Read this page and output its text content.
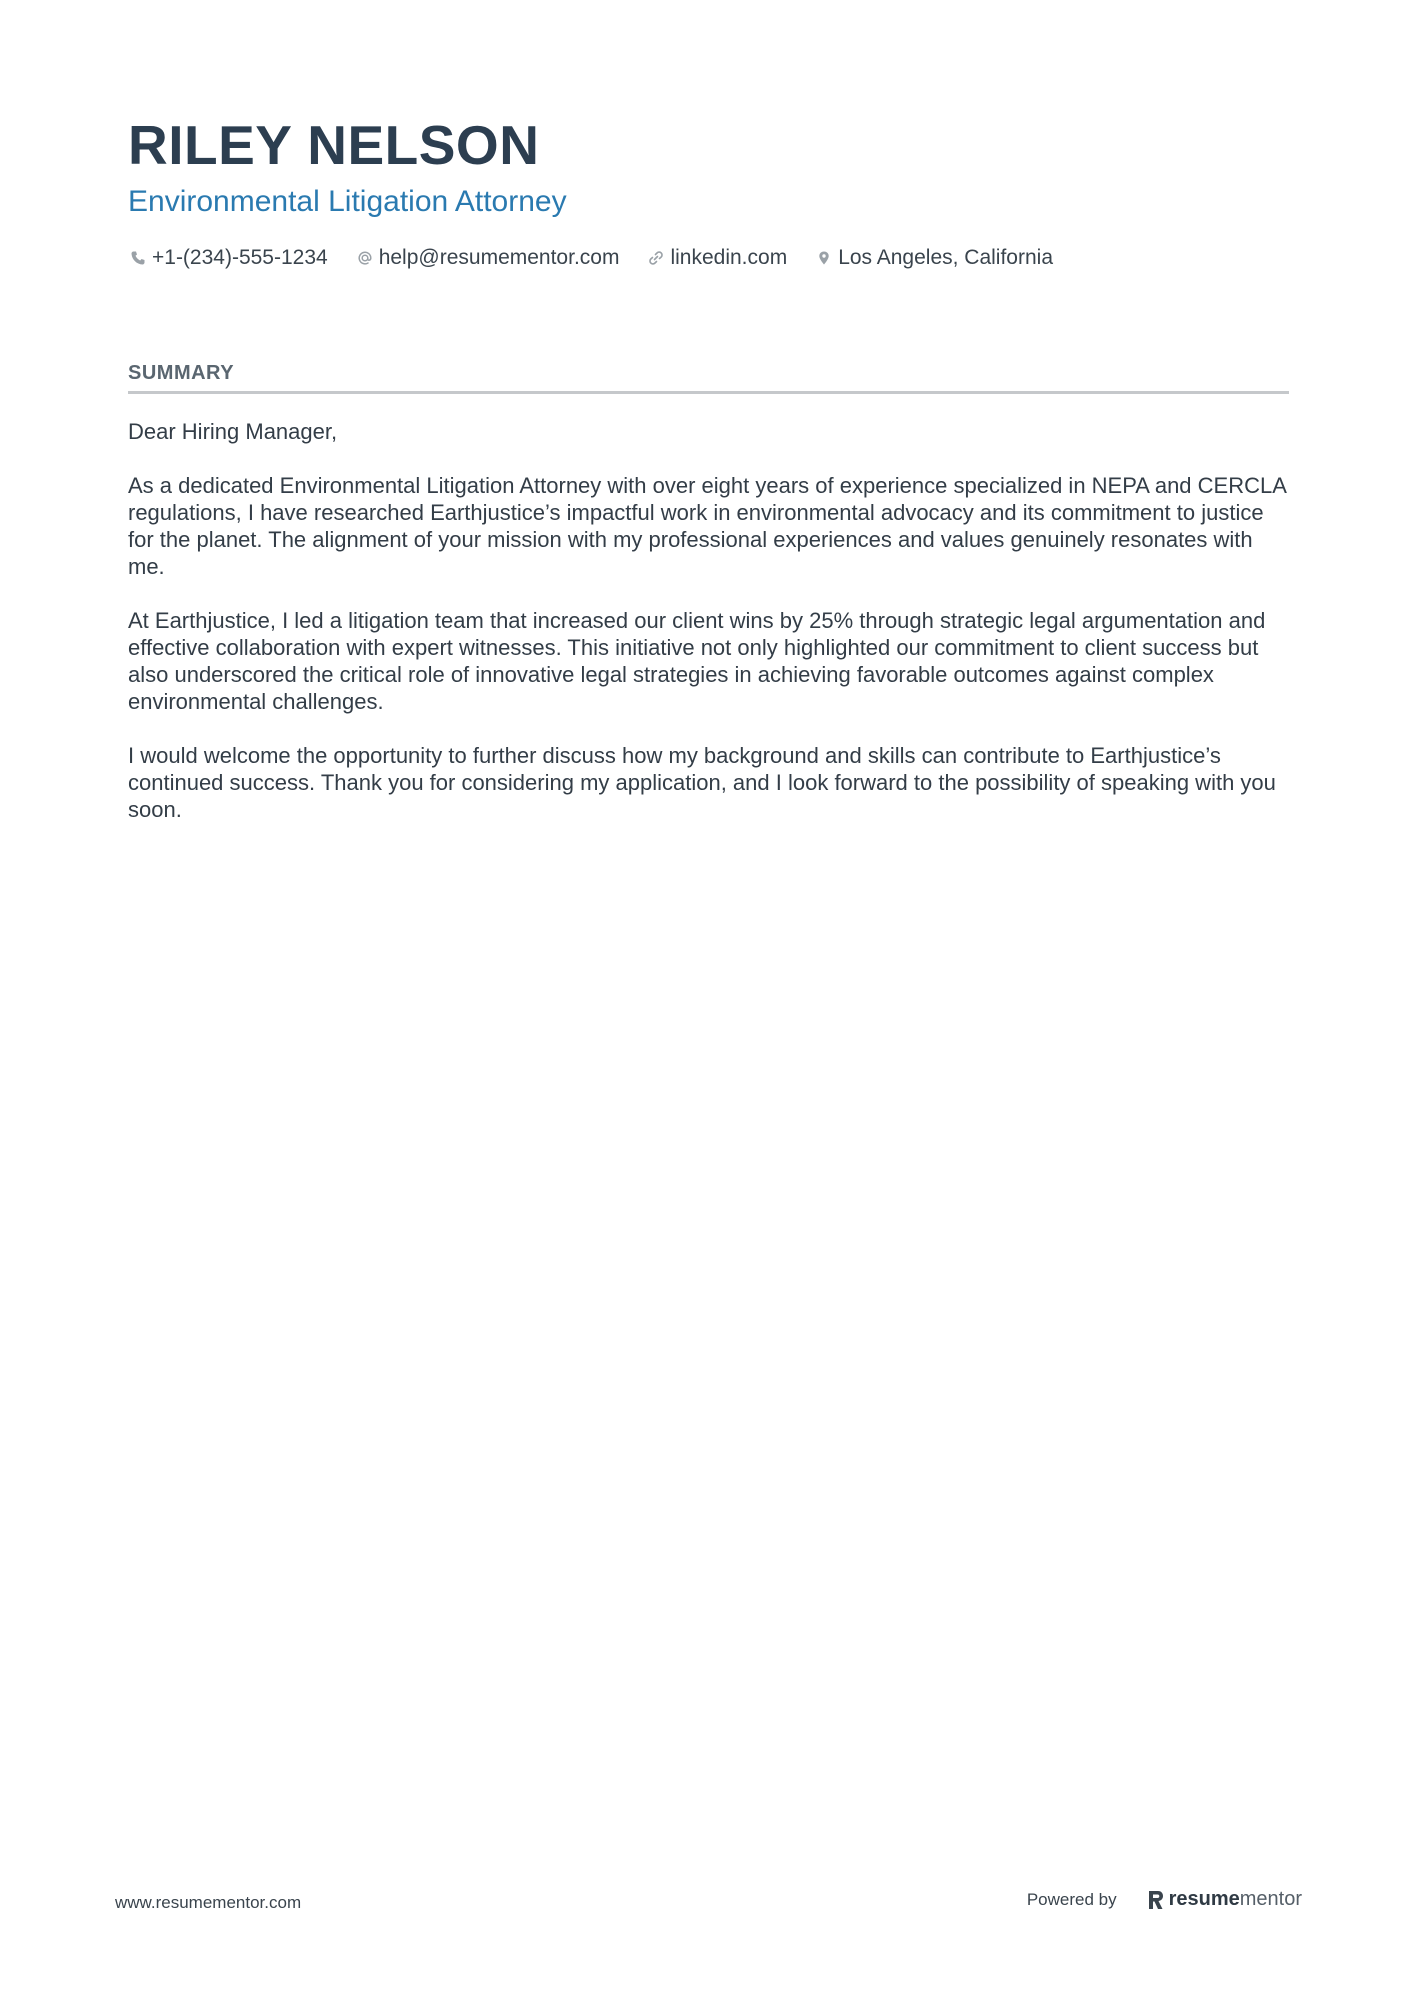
RILEY NELSON
Environmental Litigation Attorney
+1-(234)-555-1234 help@resumementor.com linkedin.com Los Angeles, California
SUMMARY

Dear Hiring Manager,

As a dedicated Environmental Litigation Attorney with over eight years of experience specialized in NEPA and CERCLA regulations, I have researched Earthjustice’s impactful work in environmental advocacy and its commitment to justice for the planet. The alignment of your mission with my professional experiences and values genuinely resonates with me.

At Earthjustice, I led a litigation team that increased our client wins by 25% through strategic legal argumentation and effective collaboration with expert witnesses. This initiative not only highlighted our commitment to client success but also underscored the critical role of innovative legal strategies in achieving favorable outcomes against complex environmental challenges.

I would welcome the opportunity to further discuss how my background and skills can contribute to Earthjustice’s continued success. Thank you for considering my application, and I look forward to the possibility of speaking with you soon.

www.resumementor.com	Powered by	resume mentor
